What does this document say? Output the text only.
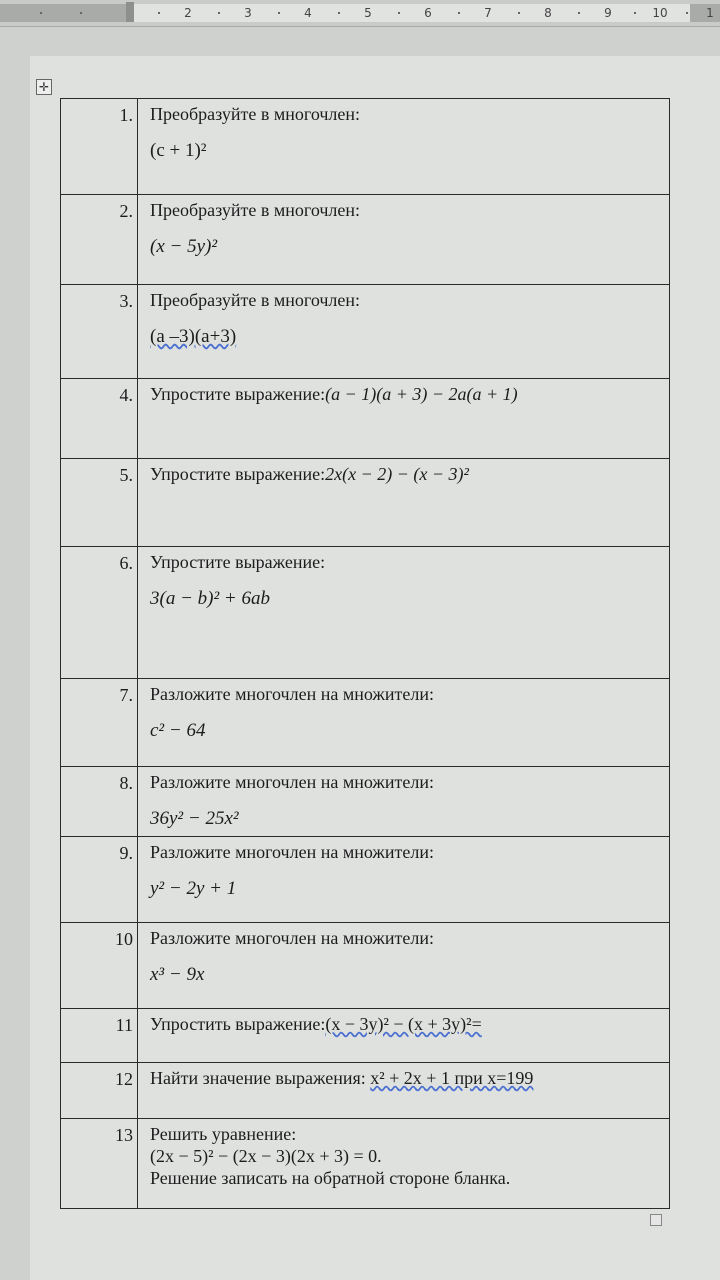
2	3	4	5	6	7	8	9	10	1
✛
1.	Преобразуйте в многочлен:
(c + 1)²

2.	Преобразуйте в многочлен:
(x − 5y)²

3.	Преобразуйте в многочлен:
(a –3)(a+3)

4.	Упростите выражение:(a − 1)(a + 3) − 2a(a + 1)

5.	Упростите выражение:2x(x − 2) − (x − 3)²

6.	Упростите выражение:
3(a − b)² + 6ab

7.	Разложите многочлен на множители:
c² − 64

8.	Разложите многочлен на множители:
36y² − 25x²

9.	Разложите многочлен на множители:
y² − 2y + 1

10	Разложите многочлен на множители:
x³ − 9x

11	Упростить выражение:(x − 3y)² − (x + 3y)²=

12	Найти значение выражения: x² + 2x + 1 при x=199

13	Решить уравнение:
(2x − 5)² − (2x − 3)(2x + 3) = 0.
Решение записать на обратной стороне бланка.
